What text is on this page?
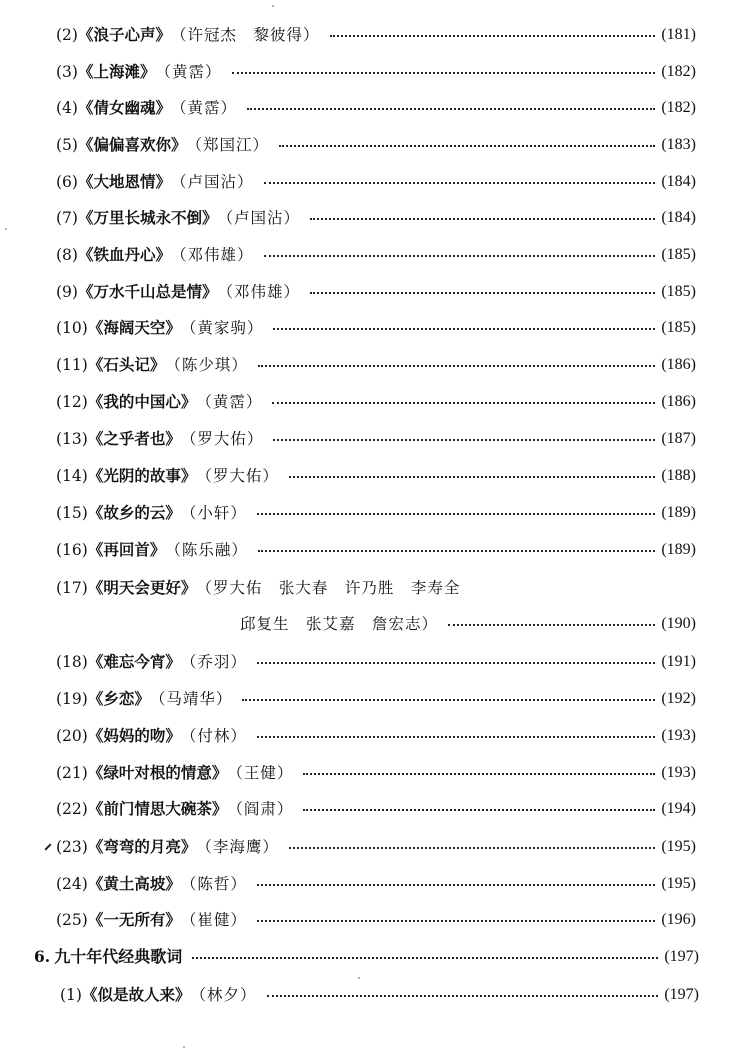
(2) 《浪子心声》 （许冠杰　黎彼得）	(181)
(3) 《上海滩》 （黄霑）	(182)
(4) 《倩女幽魂》 （黄霑）	(182)
(5) 《偏偏喜欢你》 （郑国江）	(183)
(6) 《大地恩情》 （卢国沾）	(184)
(7) 《万里长城永不倒》 （卢国沾）	(184)
(8) 《铁血丹心》 （邓伟雄）	(185)
(9) 《万水千山总是情》 （邓伟雄）	(185)
(10) 《海阔天空》 （黄家驹）	(185)
(11) 《石头记》 （陈少琪）	(186)
(12) 《我的中国心》 （黄霑）	(186)
(13) 《之乎者也》 （罗大佑）	(187)
(14) 《光阴的故事》 （罗大佑）	(188)
(15) 《故乡的云》 （小轩）	(189)
(16) 《再回首》 （陈乐融）	(189)
(17) 《明天会更好》 （罗大佑　张大春　许乃胜　李寿全
邱复生　张艾嘉　詹宏志）	(190)
(18) 《难忘今宵》 （乔羽）	(191)
(19) 《乡恋》 （马靖华）	(192)
(20) 《妈妈的吻》 （付林）	(193)
(21) 《绿叶对根的情意》 （王健）	(193)
(22) 《前门情思大碗茶》 （阎肃）	(194)
(23) 《弯弯的月亮》 （李海鹰）	(195)
(24) 《黄土高坡》 （陈哲）	(195)
(25) 《一无所有》 （崔健）	(196)
6. 九十年代经典歌词	(197)
(1) 《似是故人来》 （林夕）	(197)
